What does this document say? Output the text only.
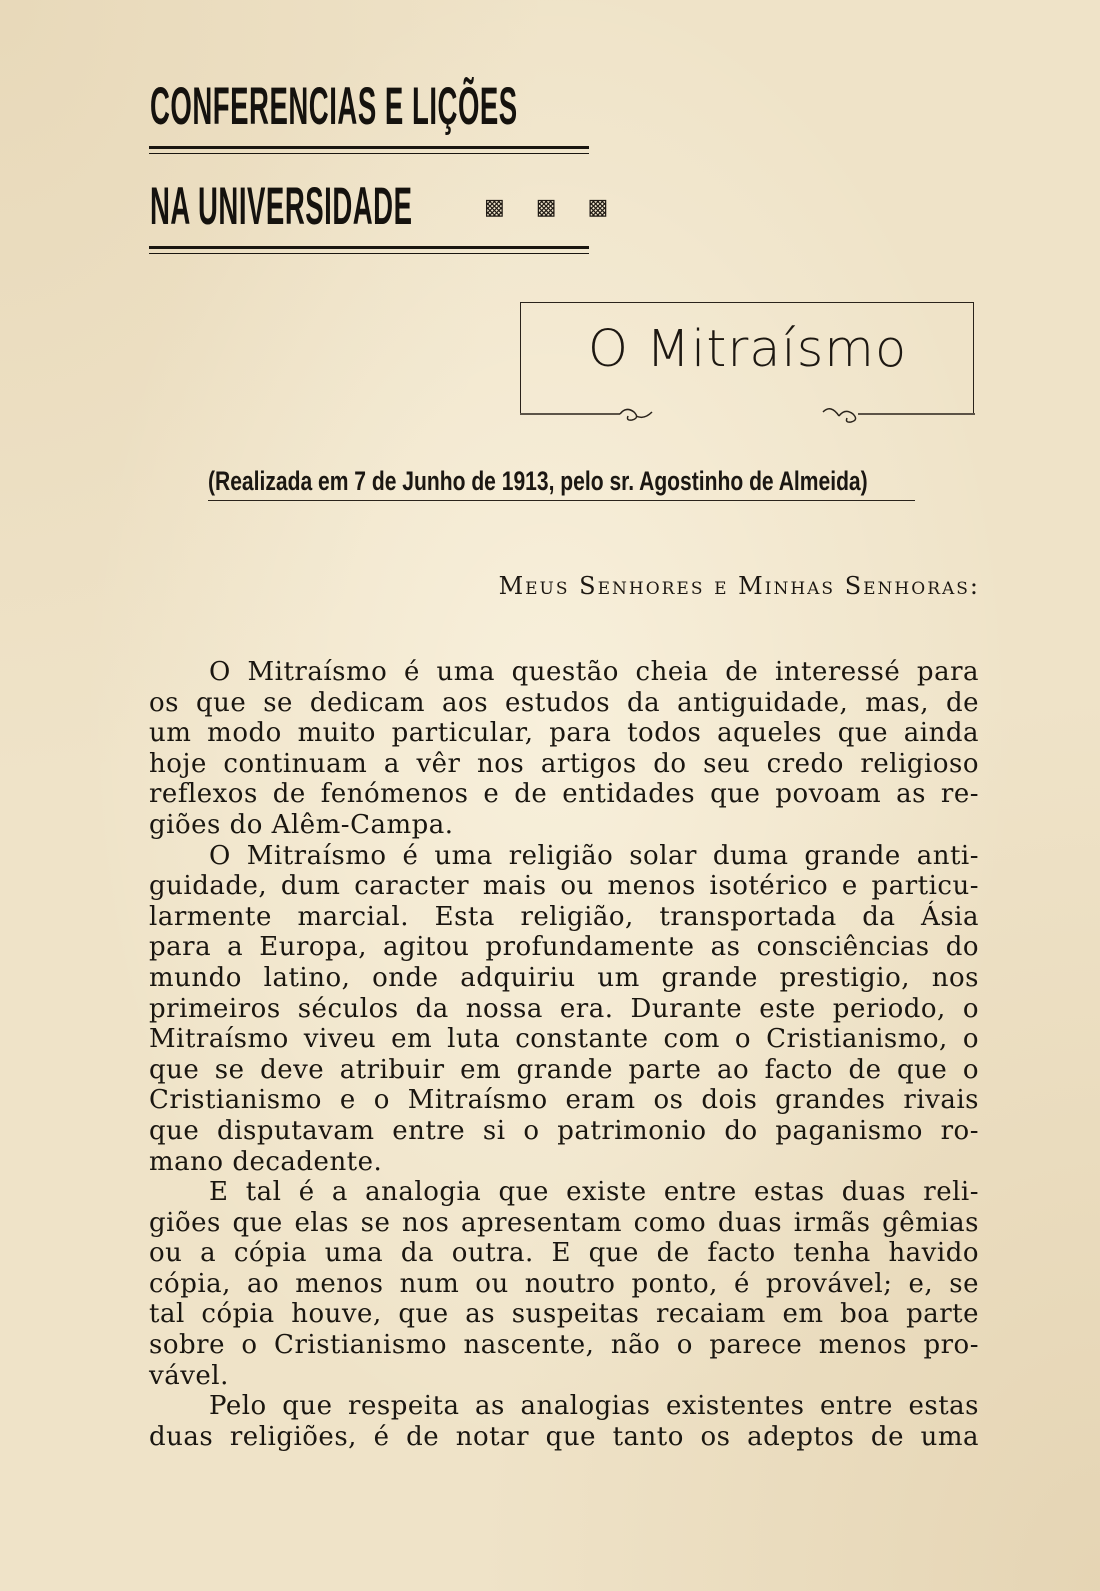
CONFERENCIAS E LIÇÕES
NA UNIVERSIDADE	▩ ▩ ▩
O Mitraísmo
(Realizada em 7 de Junho de 1913, pelo sr. Agostinho de Almeida)
Meus Senhores e Minhas Senhoras:
O Mitraísmo é uma questão cheia de interessé para
os que se dedicam aos estudos da antiguidade, mas, de
um modo muito particular, para todos aqueles que ainda
hoje continuam a vêr nos artigos do seu credo religioso
reflexos de fenómenos e de entidades que povoam as re-
giões do Alêm-Campa.
O Mitraísmo é uma religião solar duma grande anti-
guidade, dum caracter mais ou menos isotérico e particu-
larmente marcial. Esta religião, transportada da Ásia
para a Europa, agitou profundamente as consciências do
mundo latino, onde adquiriu um grande prestigio, nos
primeiros séculos da nossa era. Durante este periodo, o
Mitraísmo viveu em luta constante com o Cristianismo, o
que se deve atribuir em grande parte ao facto de que o
Cristianismo e o Mitraísmo eram os dois grandes rivais
que disputavam entre si o patrimonio do paganismo ro-
mano decadente.
E tal é a analogia que existe entre estas duas reli-
giões que elas se nos apresentam como duas irmãs gêmias
ou a cópia uma da outra. E que de facto tenha havido
cópia, ao menos num ou noutro ponto, é provável; e, se
tal cópia houve, que as suspeitas recaiam em boa parte
sobre o Cristianismo nascente, não o parece menos pro-
vável.
Pelo que respeita as analogias existentes entre estas
duas religiões, é de notar que tanto os adeptos de uma
